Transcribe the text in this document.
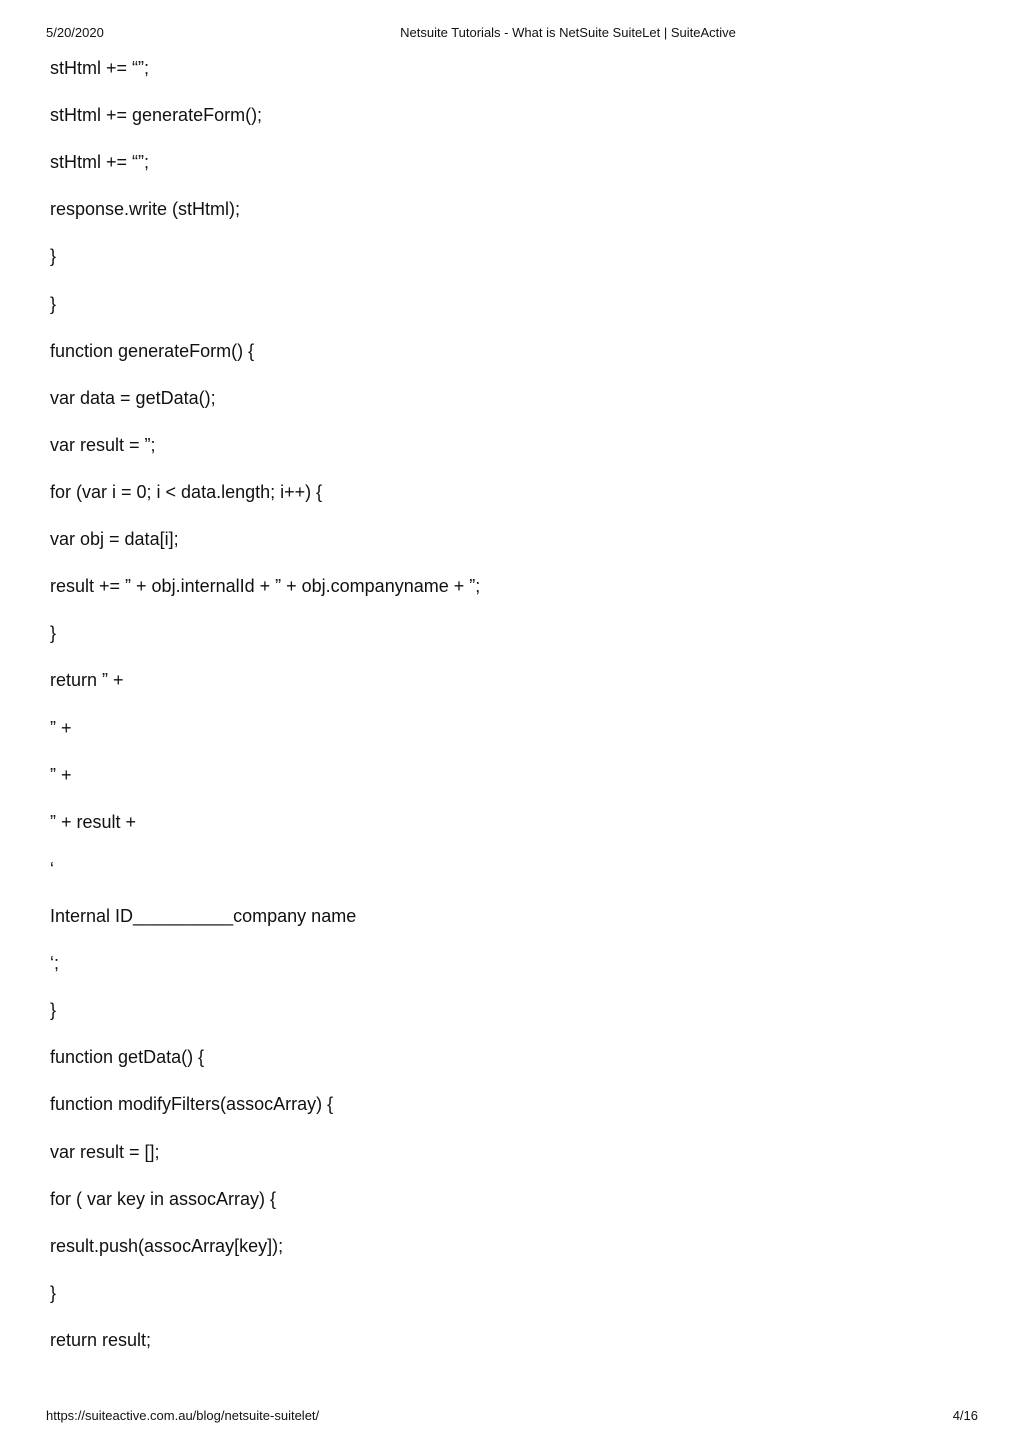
5/20/2020	Netsuite Tutorials - What is NetSuite SuiteLet | SuiteActive
stHtml += “”;
stHtml += generateForm();
stHtml += “”;
response.write (stHtml);
}
}
function generateForm() {
var data = getData();
var result = ”;
for (var i = 0; i < data.length; i++) {
var obj = data[i];
result += ” + obj.internalId + ” + obj.companyname + ”;
}
return ” +
” +
” +
” + result +
‘
Internal ID__________company name
‘;
}
function getData() {
function modifyFilters(assocArray) {
var result = [];
for ( var key in assocArray) {
result.push(assocArray[key]);
}
return result;
https://suiteactive.com.au/blog/netsuite-suitelet/	4/16
